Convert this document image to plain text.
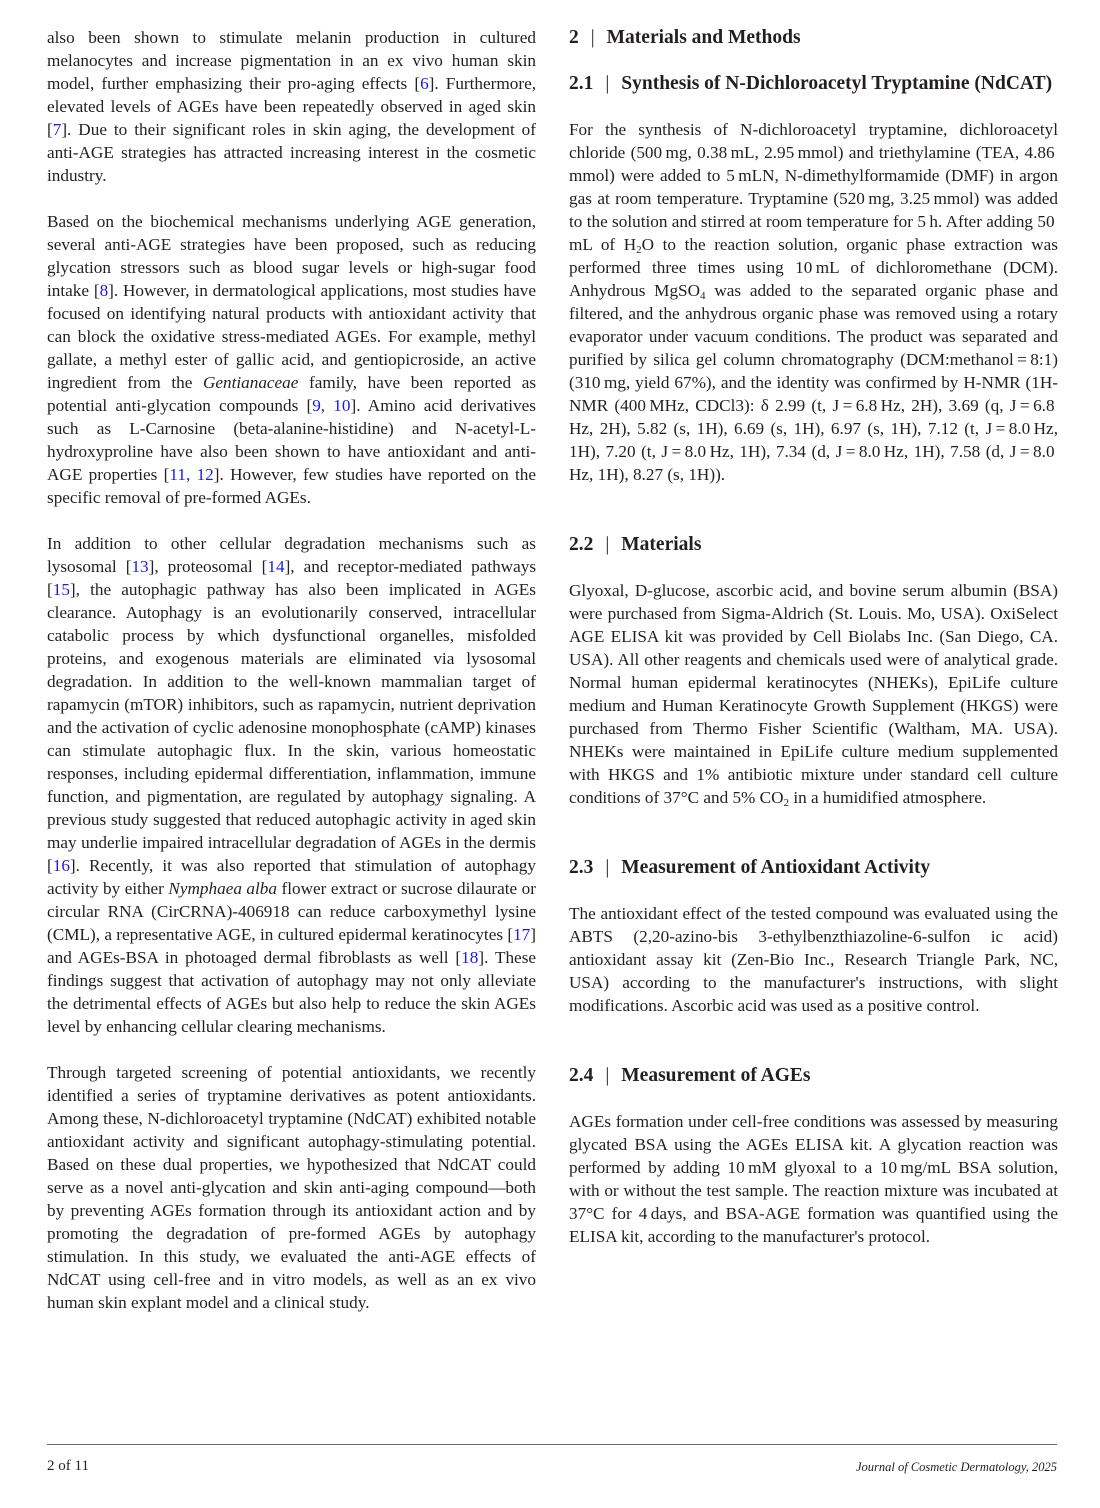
also been shown to stimulate melanin production in cultured melanocytes and increase pigmentation in an ex vivo human skin model, further emphasizing their pro-aging effects [6]. Furthermore, elevated levels of AGEs have been repeatedly observed in aged skin [7]. Due to their significant roles in skin aging, the development of anti-AGE strategies has attracted increasing interest in the cosmetic industry.

Based on the biochemical mechanisms underlying AGE generation, several anti-AGE strategies have been proposed, such as reducing glycation stressors such as blood sugar levels or high-sugar food intake [8]. However, in dermatological applications, most studies have focused on identifying natural products with antioxidant activity that can block the oxidative stress-mediated AGEs. For example, methyl gallate, a methyl ester of gallic acid, and gentiopicroside, an active ingredient from the Gentianaceae family, have been reported as potential anti-glycation compounds [9, 10]. Amino acid derivatives such as L-Carnosine (beta-alanine-histidine) and N-acetyl-L-hydroxyproline have also been shown to have antioxidant and anti-AGE properties [11, 12]. However, few studies have reported on the specific removal of pre-formed AGEs.

In addition to other cellular degradation mechanisms such as lysosomal [13], proteosomal [14], and receptor-mediated pathways [15], the autophagic pathway has also been implicated in AGEs clearance. Autophagy is an evolutionarily conserved, intracellular catabolic process by which dysfunctional organelles, misfolded proteins, and exogenous materials are eliminated via lysosomal degradation. In addition to the well-known mammalian target of rapamycin (mTOR) inhibitors, such as rapamycin, nutrient deprivation and the activation of cyclic adenosine monophosphate (cAMP) kinases can stimulate autophagic flux. In the skin, various homeostatic responses, including epidermal differentiation, inflammation, immune function, and pigmentation, are regulated by autophagy signaling. A previous study suggested that reduced autophagic activity in aged skin may underlie impaired intracellular degradation of AGEs in the dermis [16]. Recently, it was also reported that stimulation of autophagy activity by either Nymphaea alba flower extract or sucrose dilaurate or circular RNA (CirCRNA)-406918 can reduce carboxymethyl lysine (CML), a representative AGE, in cultured epidermal keratinocytes [17] and AGEs-BSA in photoaged dermal fibroblasts as well [18]. These findings suggest that activation of autophagy may not only alleviate the detrimental effects of AGEs but also help to reduce the skin AGEs level by enhancing cellular clearing mechanisms.

Through targeted screening of potential antioxidants, we recently identified a series of tryptamine derivatives as potent antioxidants. Among these, N-dichloroacetyl tryptamine (NdCAT) exhibited notable antioxidant activity and significant autophagy-stimulating potential. Based on these dual properties, we hypothesized that NdCAT could serve as a novel anti-glycation and skin anti-aging compound—both by preventing AGEs formation through its antioxidant action and by promoting the degradation of pre-formed AGEs by autophagy stimulation. In this study, we evaluated the anti-AGE effects of NdCAT using cell-free and in vitro models, as well as an ex vivo human skin explant model and a clinical study.

2 | Materials and Methods
2.1 | Synthesis of N-Dichloroacetyl Tryptamine (NdCAT)

For the synthesis of N-dichloroacetyl tryptamine, dichloroacetyl chloride (500 mg, 0.38 mL, 2.95 mmol) and triethylamine (TEA, 4.86 mmol) were added to 5 mLN, N-dimethylformamide (DMF) in argon gas at room temperature. Tryptamine (520 mg, 3.25 mmol) was added to the solution and stirred at room temperature for 5 h. After adding 50 mL of $H_2O$ to the reaction solution, organic phase extraction was performed three times using 10 mL of dichloromethane (DCM). Anhydrous MgSO$_4$ was added to the separated organic phase and filtered, and the anhydrous organic phase was removed using a rotary evaporator under vacuum conditions. The product was separated and purified by silica gel column chromatography (DCM:methanol = 8:1) (310 mg, yield 67%), and the identity was confirmed by H-NMR (1H-NMR (400 MHz, CDCl3): δ 2.99 (t, J = 6.8 Hz, 2H), 3.69 (q, J = 6.8 Hz, 2H), 5.82 (s, 1H), 6.69 (s, 1H), 6.97 (s, 1H), 7.12 (t, J = 8.0 Hz, 1H), 7.20 (t, J = 8.0 Hz, 1H), 7.34 (d, J = 8.0 Hz, 1H), 7.58 (d, J = 8.0 Hz, 1H), 8.27 (s, 1H)).

2.2 | Materials

Glyoxal, D-glucose, ascorbic acid, and bovine serum albumin (BSA) were purchased from Sigma-Aldrich (St. Louis. Mo, USA). OxiSelect AGE ELISA kit was provided by Cell Biolabs Inc. (San Diego, CA. USA). All other reagents and chemicals used were of analytical grade. Normal human epidermal keratinocytes (NHEKs), EpiLife culture medium and Human Keratinocyte Growth Supplement (HKGS) were purchased from Thermo Fisher Scientific (Waltham, MA. USA). NHEKs were maintained in EpiLife culture medium supplemented with HKGS and 1% antibiotic mixture under standard cell culture conditions of 37°C and 5% $CO_2$ in a humidified atmosphere.

2.3 | Measurement of Antioxidant Activity

The antioxidant effect of the tested compound was evaluated using the ABTS (2,20-azino-bis 3-ethylbenzthiazoline-6-sulfon ic acid) antioxidant assay kit (Zen-Bio Inc., Research Triangle Park, NC, USA) according to the manufacturer's instructions, with slight modifications. Ascorbic acid was used as a positive control.

2.4 | Measurement of AGEs

AGEs formation under cell-free conditions was assessed by measuring glycated BSA using the AGEs ELISA kit. A glycation reaction was performed by adding 10 mM glyoxal to a 10 mg/mL BSA solution, with or without the test sample. The reaction mixture was incubated at 37°C for 4 days, and BSA-AGE formation was quantified using the ELISA kit, according to the manufacturer's protocol.

2 of 11	Journal of Cosmetic Dermatology, 2025
